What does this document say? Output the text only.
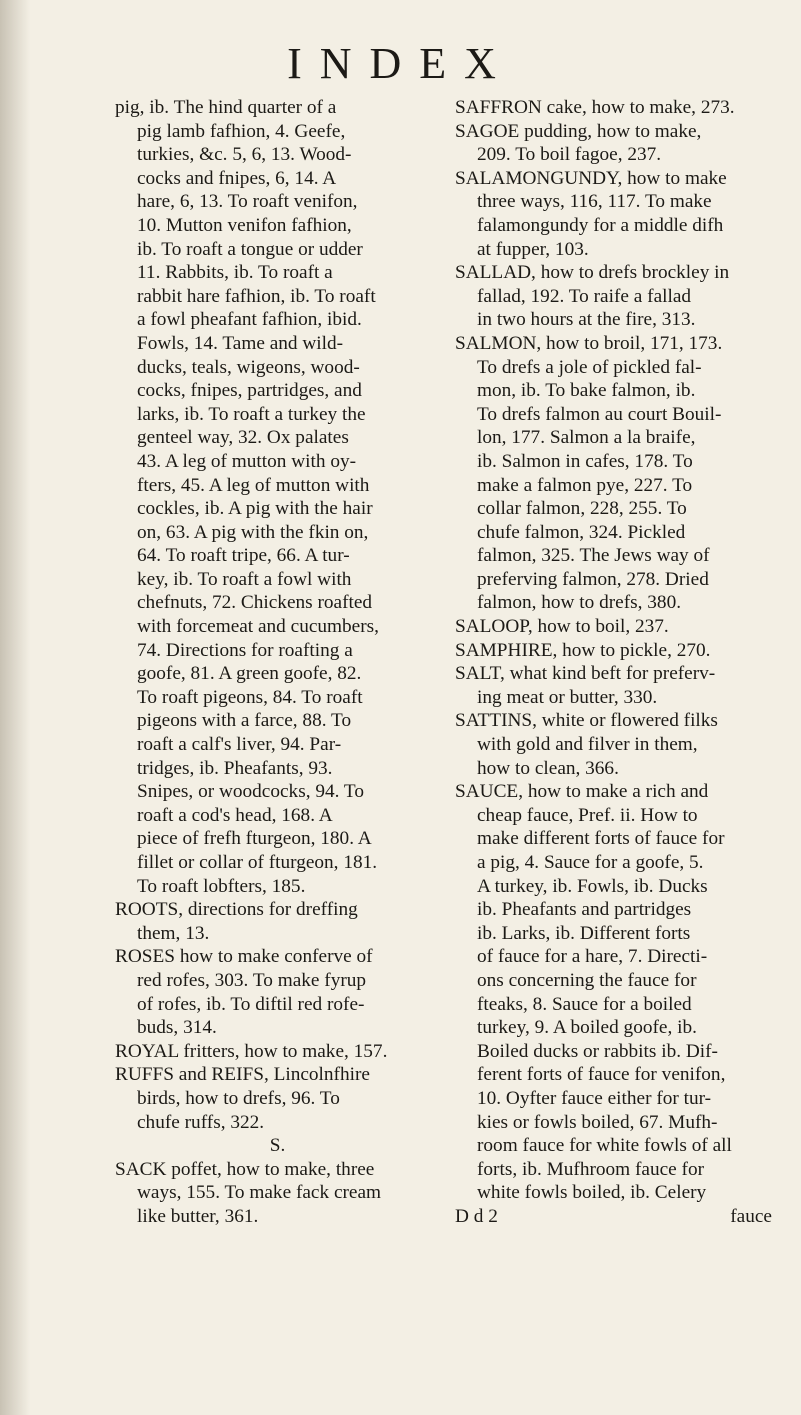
INDEX
pig, ib. The hind quarter of a
pig lamb fafhion, 4. Geefe,
turkies, &c. 5, 6, 13. Wood-
cocks and fnipes, 6, 14. A
hare, 6, 13. To roaft venifon,
10. Mutton venifon fafhion,
ib. To roaft a tongue or udder
11. Rabbits, ib. To roaft a
rabbit hare fafhion, ib. To roaft
a fowl pheafant fafhion, ibid.
Fowls, 14. Tame and wild-
ducks, teals, wigeons, wood-
cocks, fnipes, partridges, and
larks, ib. To roaft a turkey the
genteel way, 32. Ox palates
43. A leg of mutton with oy-
fters, 45. A leg of mutton with
cockles, ib. A pig with the hair
on, 63. A pig with the fkin on,
64. To roaft tripe, 66. A tur-
key, ib. To roaft a fowl with
chefnuts, 72. Chickens roafted
with forcemeat and cucumbers,
74. Directions for roafting a
goofe, 81. A green goofe, 82.
To roaft pigeons, 84. To roaft
pigeons with a farce, 88. To
roaft a calf's liver, 94. Par-
tridges, ib. Pheafants, 93.
Snipes, or woodcocks, 94. To
roaft a cod's head, 168. A
piece of frefh fturgeon, 180. A
fillet or collar of fturgeon, 181.
To roaft lobfters, 185.
ROOTS, directions for dreffing
them, 13.
ROSES how to make conferve of
red rofes, 303. To make fyrup
of rofes, ib. To diftil red rofe-
buds, 314.
ROYAL fritters, how to make, 157.
RUFFS and REIFS, Lincolnfhire
birds, how to drefs, 96. To
chufe ruffs, 322.
S.
SACK poffet, how to make, three
ways, 155. To make fack cream
like butter, 361.
SAFFRON cake, how to make, 273.
SAGOE pudding, how to make,
209. To boil fagoe, 237.
SALAMONGUNDY, how to make
three ways, 116, 117. To make
falamongundy for a middle difh
at fupper, 103.
SALLAD, how to drefs brockley in
fallad, 192. To raife a fallad
in two hours at the fire, 313.
SALMON, how to broil, 171, 173.
To drefs a jole of pickled fal-
mon, ib. To bake falmon, ib.
To drefs falmon au court Bouil-
lon, 177. Salmon a la braife,
ib. Salmon in cafes, 178. To
make a falmon pye, 227. To
collar falmon, 228, 255. To
chufe falmon, 324. Pickled
falmon, 325. The Jews way of
preferving falmon, 278. Dried
falmon, how to drefs, 380.
SALOOP, how to boil, 237.
SAMPHIRE, how to pickle, 270.
SALT, what kind beft for preferv-
ing meat or butter, 330.
SATTINS, white or flowered filks
with gold and filver in them,
how to clean, 366.
SAUCE, how to make a rich and
cheap fauce, Pref. ii. How to
make different forts of fauce for
a pig, 4. Sauce for a goofe, 5.
A turkey, ib. Fowls, ib. Ducks
ib. Pheafants and partridges
ib. Larks, ib. Different forts
of fauce for a hare, 7. Directi-
ons concerning the fauce for
fteaks, 8. Sauce for a boiled
turkey, 9. A boiled goofe, ib.
Boiled ducks or rabbits ib. Dif-
ferent forts of fauce for venifon,
10. Oyfter fauce either for tur-
kies or fowls boiled, 67. Mufh-
room fauce for white fowls of all
forts, ib. Mufhroom fauce for
white fowls boiled, ib. Celery
D d 2	fauce
